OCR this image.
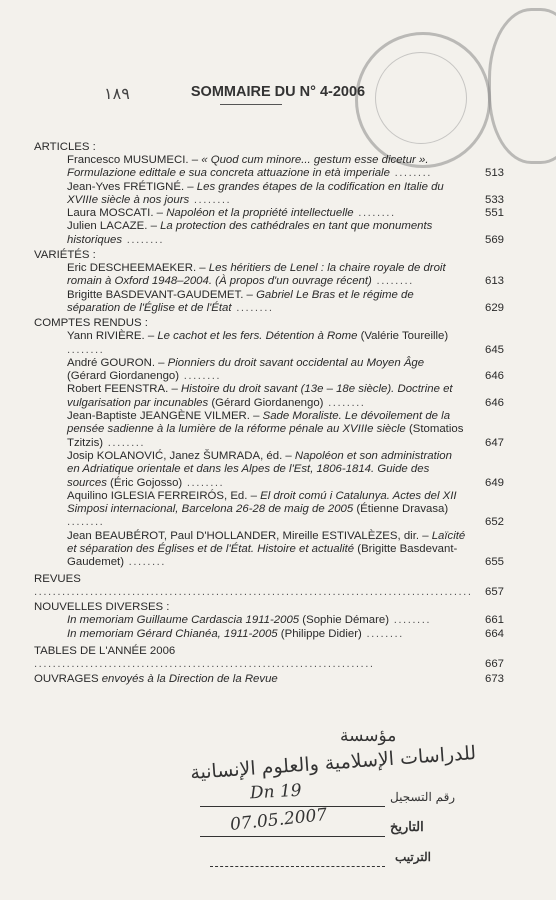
١٨٩	SOMMAIRE DU N° 4-2006
ARTICLES :
Francesco MUSUMECI. – « Quod cum minore... gestum esse dicetur ». Formulazione edittale e sua concreta attuazione in età imperiale ........	513
Jean-Yves FRÉTIGNÉ. – Les grandes étapes de la codification en Italie du XVIIIe siècle à nos jours ........	533
Laura MOSCATI. – Napoléon et la propriété intellectuelle ........	551
Julien LACAZE. – La protection des cathédrales en tant que monuments historiques ........	569
VARIÉTÉS :
Eric DESCHEEMAEKER. – Les héritiers de Lenel : la chaire royale de droit romain à Oxford 1948–2004. (À propos d'un ouvrage récent) ........	613
Brigitte BASDEVANT-GAUDEMET. – Gabriel Le Bras et le régime de séparation de l'Église et de l'État ........	629
COMPTES RENDUS :
Yann RIVIÈRE. – Le cachot et les fers. Détention à Rome (Valérie Toureille) ........	645
André GOURON. – Pionniers du droit savant occidental au Moyen Âge (Gérard Giordanengo) ........	646
Robert FEENSTRA. – Histoire du droit savant (13e – 18e siècle). Doctrine et vulgarisation par incunables (Gérard Giordanengo) ........	646
Jean-Baptiste JEANGÈNE VILMER. – Sade Moraliste. Le dévoilement de la pensée sadienne à la lumière de la réforme pénale au XVIIIe siècle (Stomatios Tzitzis) ........	647
Josip KOLANOVIĆ, Janez ŠUMRADA, éd. – Napoléon et son administration en Adriatique orientale et dans les Alpes de l'Est, 1806-1814. Guide des sources (Éric Gojosso) ........	649
Aquilino IGLESIA FERREIRÓS, Ed. – El droit comú i Catalunya. Actes del XII Simposi internacional, Barcelona 26-28 de maig de 2005 (Étienne Dravasa) ........	652
Jean BEAUBÉROT, Paul D'HOLLANDER, Mireille ESTIVALÈZES, dir. – Laïcité et séparation des Églises et de l'État. Histoire et actualité (Brigitte Basdevant-Gaudemet) ........	655
REVUES .............................................................................................. 657
NOUVELLES DIVERSES :
In memoriam Guillaume Cardascia 1911-2005 (Sophie Démare) ........	661
In memoriam Gérard Chianéa, 1911-2005 (Philippe Didier) ........	664
TABLES DE L'ANNÉE 2006 .........................................................................	667
OUVRAGES envoyés à la Direction de la Revue	673
مؤسسة
للدراسات الإسلامية والعلوم الإنسانية
رقم التسجيل
Dn 19
التاريخ
07.05.2007
الترتيب
